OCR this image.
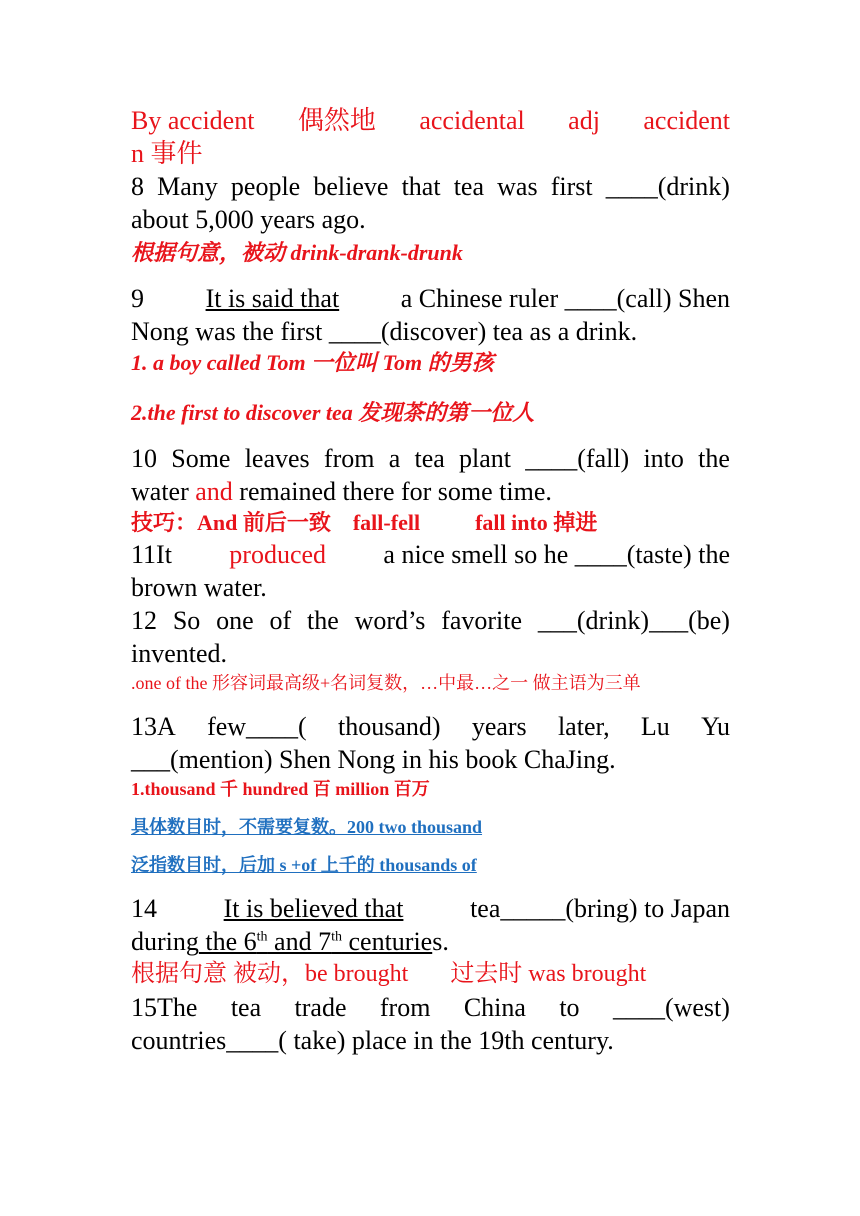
By accident 偶然地 accidental adj accident
n 事件
8 Many people believe that tea was first ____(drink)
about 5,000 years ago.
根据句意，被动 drink-drank-drunk
9 It is said that a Chinese ruler ____(call) Shen
Nong was the first ____(discover) tea as a drink.
1. a boy called Tom 一位叫 Tom 的男孩
2.the first to discover tea 发现茶的第一位人
10 Some leaves from a tea plant ____(fall) into the
water and remained there for some time.
技巧：And 前后一致 fall-fell	fall into 掉进
11It produced a nice smell so he ____(taste) the
brown water.
12 So one of the word’s favorite ___(drink)___(be)
invented.
.one of the 形容词最高级+名词复数，…中最…之一 做主语为三单
13A few____( thousand) years later, Lu Yu
___(mention) Shen Nong in his book ChaJing.
1.thousand 千 hundred 百 million 百万
具体数目时，不需要复数。200 two thousand
泛指数目时，后加 s +of 上千的 thousands of
14	It is believed that	tea_____(bring) to Japan
during the 6th and 7th centuries.
根据句意 被动，be brought 过去时 was brought
15The tea trade from China to ____(west)
countries____( take) place in the 19th century.
